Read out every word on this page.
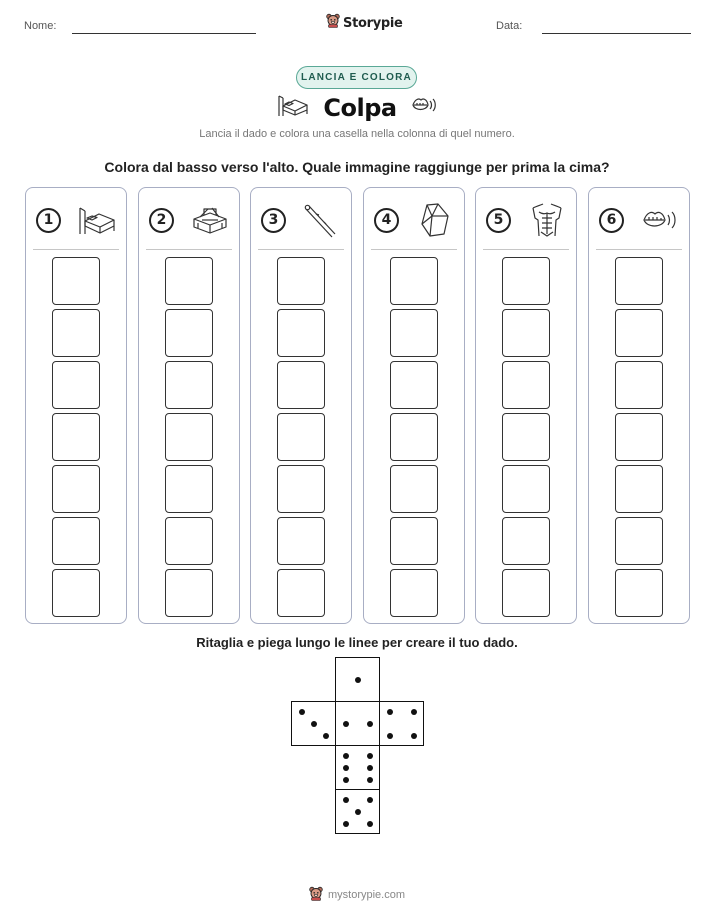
Nome:	Storypie	Data:
LANCIA E COLORA
Colpa
Lancia il dado e colora una casella nella colonna di quel numero.
Colora dal basso verso l'alto. Quale immagine raggiunge per prima la cima?
1	2	3	4	5	6
Ritaglia e piega lungo le linee per creare il tuo dado.
mystorypie.com
